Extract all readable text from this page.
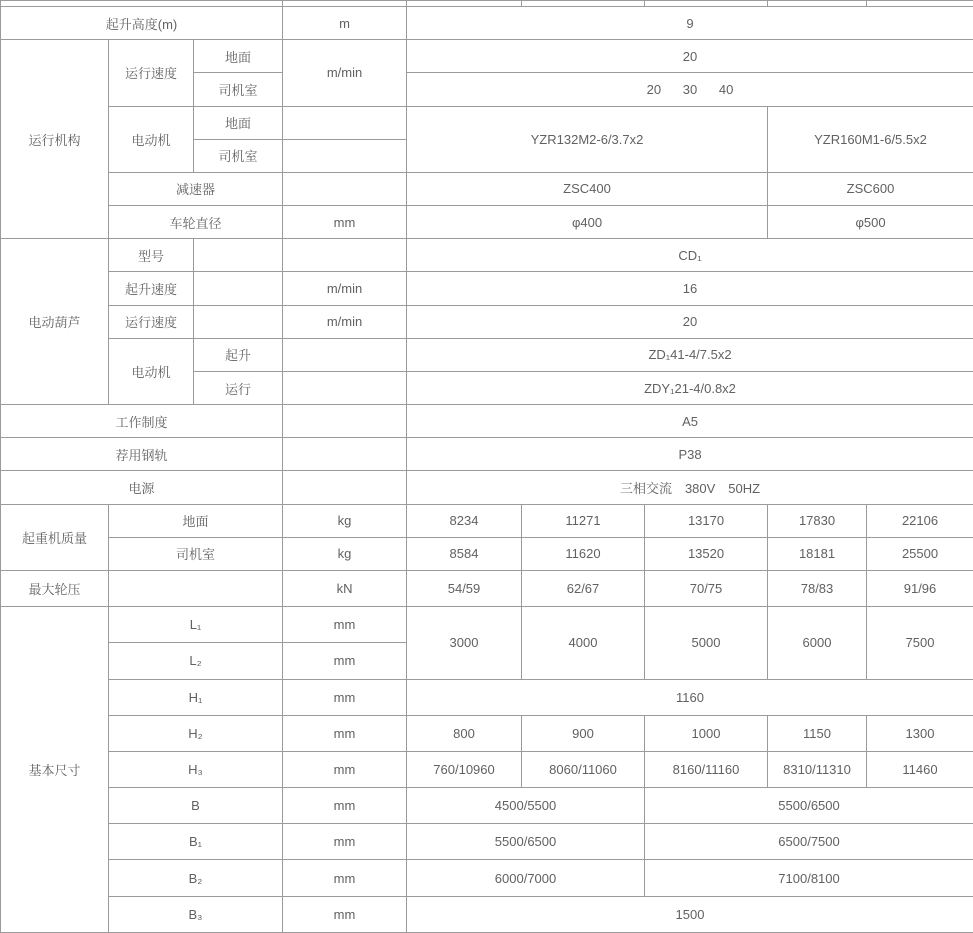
起升高度(m)			m	9				
运行机构	运行速度	地面	m/min	20				
		司机室		20      30      40				
	电动机	地面		YZR132M2-6/3.7x2			YZR160M1-6/5.5x2	
		司机室						
	减速器			ZSC400			ZSC600	
	车轮直径		mm	φ400			φ500	
电动葫芦	型号			CD₁				
	起升速度		m/min	16				
	运行速度		m/min	20				
	电动机	起升		ZD₁41-4/7.5x2				
		运行		ZDY₁21-4/0.8x2				
工作制度				A5				
荐用钢轨				P38				
电源				三相交流　380V　50HZ				
起重机质量	地面		kg	8234	11271	13170	17830	22106
	司机室		kg	8584	11620	13520	18181	25500
最大轮压			kN	54/59	62/67	70/75	78/83	91/96
基本尺寸	L₁		mm	3000	4000	5000	6000	7500
	L₂		mm					
	H₁		mm	1160				
	H₂		mm	800	900	1000	1150	1300
	H₃		mm	760/10960	8060/11060	8160/11160	8310/11310	11460
	B		mm	4500/5500		5500/6500		
	B₁		mm	5500/6500		6500/7500		
	B₂		mm	6000/7000		7100/8100		
	B₃		mm	1500				
